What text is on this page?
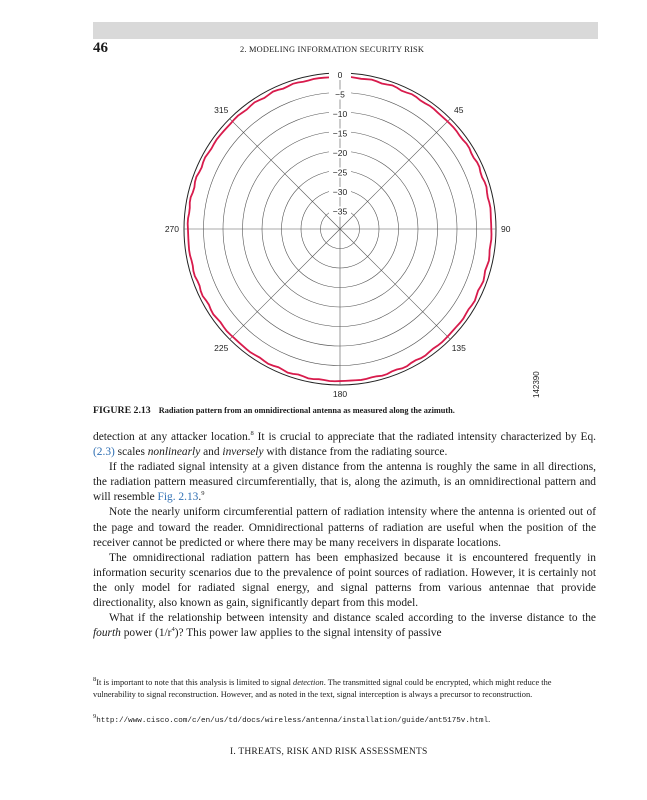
46	2. MODELING INFORMATION SECURITY RISK
0
−5
−10
−15
−20
−25
−30
−35
45
90
135
180
225
270
315
142390
FIGURE 2.13 Radiation pattern from an omnidirectional antenna as measured along the azimuth.

detection at any attacker location.$^8$ It is crucial to appreciate that the radiated intensity characterized by Eq. (2.3) scales nonlinearly and inversely with distance from the radiating source.

If the radiated signal intensity at a given distance from the antenna is roughly the same in all directions, the radiation pattern measured circumferentially, that is, along the azimuth, is an omnidirectional pattern and will resemble Fig. 2.13.$^9$

Note the nearly uniform circumferential pattern of radiation intensity where the antenna is oriented out of the page and toward the reader. Omnidirectional patterns of radiation are useful when the position of the receiver cannot be predicted or where there may be many receivers in disparate locations.

The omnidirectional radiation pattern has been emphasized because it is encountered frequently in information security scenarios due to the prevalence of point sources of radiation. However, it is certainly not the only model for radiated signal energy, and signal patterns from various antennae that provide directionality, also known as gain, significantly depart from this model.

What if the relationship between intensity and distance scaled according to the inverse distance to the fourth power $(1/r^4)$? This power law applies to the signal intensity of passive

$^8$It is important to note that this analysis is limited to signal detection. The transmitted signal could be encrypted, which might reduce the vulnerability to signal reconstruction. However, and as noted in the text, signal interception is always a precursor to reconstruction.
$^9$http://www.cisco.com/c/en/us/td/docs/wireless/antenna/installation/guide/ant5175v.html.
I. THREATS, RISK AND RISK ASSESSMENTS
